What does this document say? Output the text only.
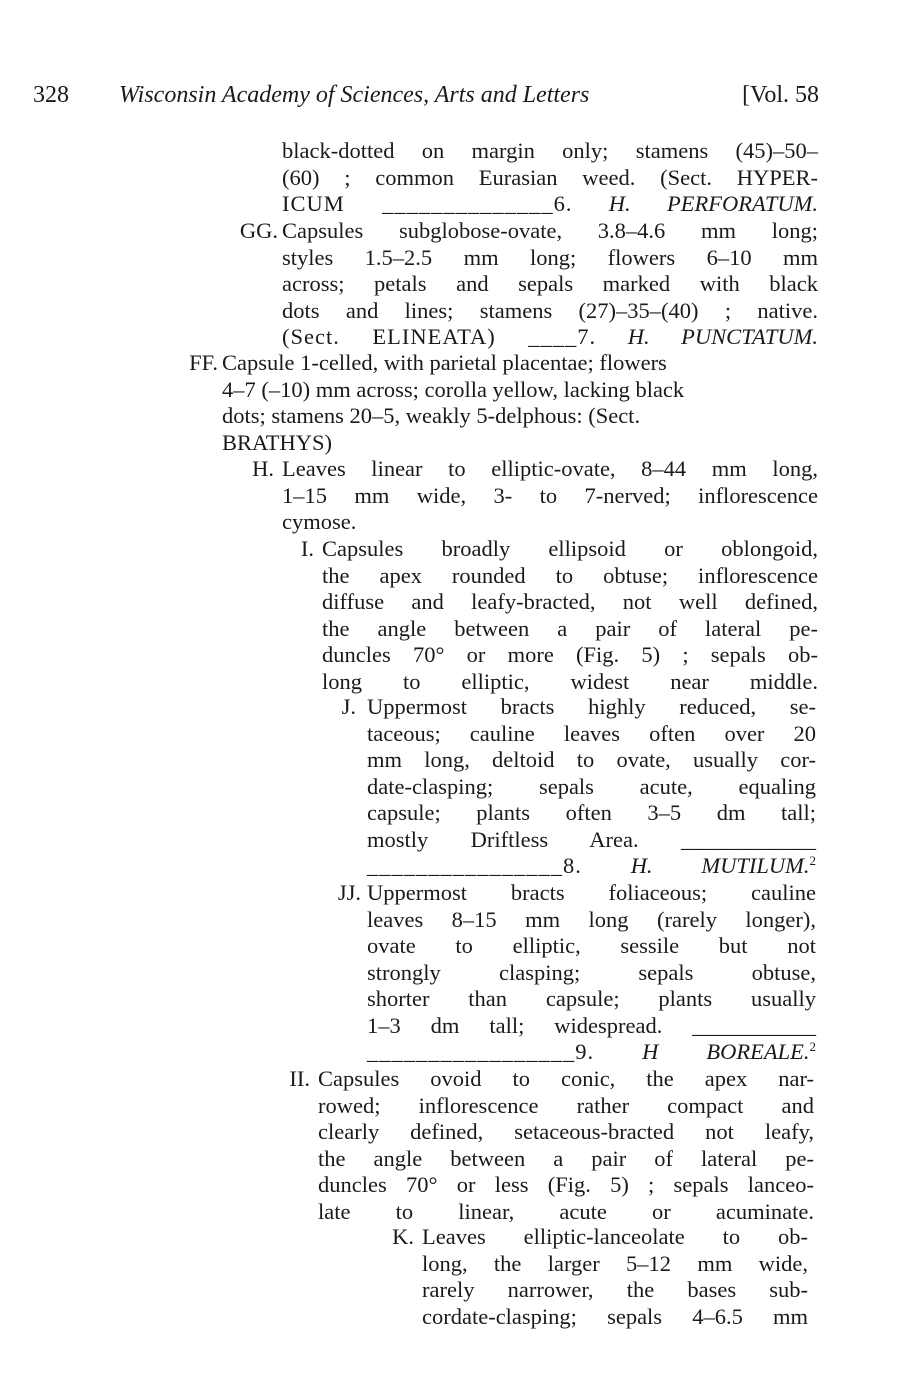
328 Wisconsin Academy of Sciences, Arts and Letters	[Vol. 58
black-dotted on margin only; stamens (45)–50–
(60) ; common Eurasian weed. (Sect. HYPER-
ICUM ______________6. H. PERFORATUM.
GG. Capsules subglobose-ovate, 3.8–4.6 mm long;
styles 1.5–2.5 mm long; flowers 6–10 mm
across; petals and sepals marked with black
dots and lines; stamens (27)–35–(40) ; native.
(Sect. ELINEATA) ____7. H. PUNCTATUM.
FF. Capsule 1-celled, with parietal placentae; flowers
4–7 (–10) mm across; corolla yellow, lacking black
dots; stamens 20–5, weakly 5-delphous: (Sect.
BRATHYS)
H. Leaves linear to elliptic-ovate, 8–44 mm long,
1–15 mm wide, 3- to 7-nerved; inflorescence
cymose.
I. Capsules broadly ellipsoid or oblongoid,
the apex rounded to obtuse; inflorescence
diffuse and leafy-bracted, not well defined,
the angle between a pair of lateral pe-
duncles 70° or more (Fig. 5) ; sepals ob-
long to elliptic, widest near middle.
J. Uppermost bracts highly reduced, se-
taceous; cauline leaves often over 20
mm long, deltoid to ovate, usually cor-
date-clasping; sepals acute, equaling
capsule; plants often 3–5 dm tall;
mostly Driftless Area. ____________
________________8. H. MUTILUM.$^2$
JJ. Uppermost bracts foliaceous; cauline
leaves 8–15 mm long (rarely longer),
ovate to elliptic, sessile but not
strongly clasping; sepals obtuse,
shorter than capsule; plants usually
1–3 dm tall; widespread. ___________
_________________9. H BOREALE.$^2$
II. Capsules ovoid to conic, the apex nar-
rowed; inflorescence rather compact and
clearly defined, setaceous-bracted not leafy,
the angle between a pair of lateral pe-
duncles 70° or less (Fig. 5) ; sepals lanceo-
late to linear, acute or acuminate.
K. Leaves elliptic-lanceolate to ob-
long, the larger 5–12 mm wide,
rarely narrower, the bases sub-
cordate-clasping; sepals 4–6.5 mm
